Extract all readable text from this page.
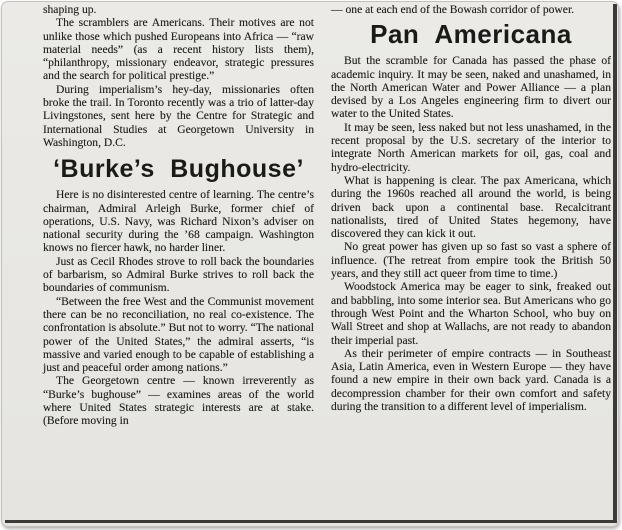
shaping up.

The scramblers are Americans. Their motives are not unlike those which pushed Europeans into Africa — “raw material needs” (as a recent history lists them), “philanthropy, missionary endeavor, strategic pressures and the search for political prestige.”

During imperialism’s hey-day, missionaries often broke the trail. In Toronto recently was a trio of latter-day Livingstones, sent here by the Centre for Strategic and International Studies at Georgetown University in Washington, D.C.

‘Burke’s Bughouse’

Here is no disinterested centre of learning. The centre’s chairman, Admiral Arleigh Burke, former chief of operations, U.S. Navy, was Richard Nixon’s adviser on national security during the ’68 campaign. Washington knows no fiercer hawk, no harder liner.

Just as Cecil Rhodes strove to roll back the boundaries of barbarism, so Admiral Burke strives to roll back the boundaries of communism.

“Between the free West and the Communist movement there can be no reconciliation, no real co-existence. The confrontation is absolute.” But not to worry. “The national power of the United States,” the admiral asserts, “is massive and varied enough to be capable of establishing a just and peaceful order among nations.”

The Georgetown centre — known irreverently as “Burke’s bughouse” — examines areas of the world where United States strategic interests are at stake. (Before moving in

— one at each end of the Bowash corridor of power.

Pan Americana

But the scramble for Canada has passed the phase of academic inquiry. It may be seen, naked and unashamed, in the North American Water and Power Alliance — a plan devised by a Los Angeles engineering firm to divert our water to the United States.

It may be seen, less naked but not less unashamed, in the recent proposal by the U.S. secretary of the interior to integrate North American markets for oil, gas, coal and hydro-electricity.

What is happening is clear. The pax Americana, which during the 1960s reached all around the world, is being driven back upon a continental base. Recalcitrant nationalists, tired of United States hegemony, have discovered they can kick it out.

No great power has given up so fast so vast a sphere of influence. (The retreat from empire took the British 50 years, and they still act queer from time to time.)

Woodstock America may be eager to sink, freaked out and babbling, into some interior sea. But Americans who go through West Point and the Wharton School, who buy on Wall Street and shop at Wallachs, are not ready to abandon their imperial past.

As their perimeter of empire contracts — in Southeast Asia, Latin America, even in Western Europe — they have found a new empire in their own back yard. Canada is a decompression chamber for their own comfort and safety during the transition to a different level of imperialism.
